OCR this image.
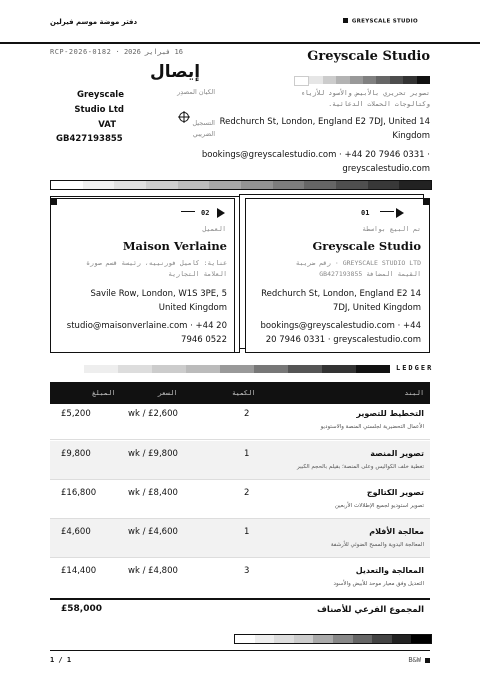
دفتر موضة موسم فيرلين	GREYSCALE STUDIO
16 فبراير 2026 · RCP-2026-0182
إيصال
الكيان المصدِر
Greyscale Studio Ltd
التسجيل الضريبي
VAT GB427193855
Greyscale Studio
تصوير تحريري بالأبيض والأسود للأزياء وكتالوجات الحملات الدعائية.
Redchurch St, London, England E2 7DJ, United 14 Kingdom
bookings@greyscalestudio.com · +44 20 7946 0331 · greyscalestudio.com
01
تم البيع بواسطة
Greyscale Studio
GREYSCALE STUDIO LTD · رقم ضريبة القيمة المضافة GB427193855
Redchurch St, London, England E2 14 7DJ, United Kingdom
bookings@greyscalestudio.com · +44 20 7946 0331 · greyscalestudio.com
02
العميل
Maison Verlaine
عناية: كاميل فورنييه، رئيسة قسم صورة العلامة التجارية
Savile Row, London, W1S 3PE, 5 United Kingdom
studio@maisonverlaine.com · +44 20 7946 0522
LEDGER
البند
الكمية
السعر
المبلغ
التخطيط للتصوير
الأعمال التحضيرية لجلستي المنصة والاستوديو
2
wk / £2,600
£5,200
تصوير المنصة
تغطية خلف الكواليس وعلى المنصة؛ بقيلم بالحجم الكبير
1
wk / £9,800
£9,800
تصوير الكتالوج
تصوير استوديو لجميع الإطلالات الأربعين
2
wk / £8,400
£16,800
معالجة الأفلام
المعالجة اليدوية والمسح الضوئي للأرشفة
1
wk / £4,600
£4,600
المعالجة والتعديل
التعديل وفق معيار موحد للأبيض والأسود
3
wk / £4,800
£14,400
المجموع الفرعي للأصناف
£58,000
1 / 1	B&W
